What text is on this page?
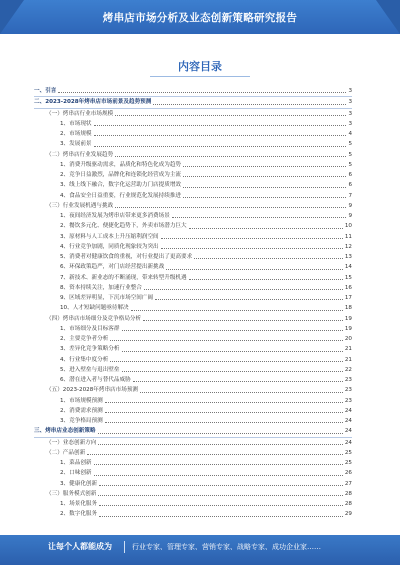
烤串店市场分析及业态创新策略研究报告
内容目录
一、引言	3
二、2023-2028年烤串店市场前景及趋势预测	3
（一）烤串店行业市场规模	3
1、市场现状	3
2、市场规模	4
3、发展前景	5
（二）烤串店行业发展趋势	5
1、消费升级驱动需求，品质化和特色化成为趋势	5
2、竞争日益激烈，品牌化和连锁化经营成为主流	6
3、线上线下融合，数字化运营助力门店提质增效	6
4、食品安全日益重要，行业规范化发展持续推进	7
（三）行业发展机遇与挑战	9
1、夜间经济发展为烤串店带来更多消费场景	9
2、餐饮多元化、便捷化趋势下，外卖市场潜力巨大	10
3、原材料与人工成本上升压缩利润空间	11
4、行业竞争加剧，同质化现象较为突出	12
5、消费者对健康饮食的重视，对行业提出了更高要求	13
6、环保政策趋严，对门店经营提出新挑战	14
7、新技术、新业态的不断涌现，带来转型升级机遇	15
8、资本持续关注，加速行业整合	16
9、区域差异明显，下沉市场空间广阔	17
10、人才短缺问题亟待解决	18
（四）烤串店市场细分及竞争格局分析	19
1、市场细分及目标客群	19
2、主要竞争者分析	20
3、差异化竞争策略分析	21
4、行业集中度分析	21
5、进入壁垒与退出壁垒	22
6、潜在进入者与替代品威胁	23
（五）2023-2028年烤串店市场预测	23
1、市场规模预测	23
2、消费需求预测	24
3、竞争格局预测	24
三、烤串店业态创新策略	24
（一）业态创新方向	24
（二）产品创新	25
1、菜品创新	25
2、口味创新	26
3、健康化创新	27
（三）服务模式创新	28
1、场景化服务	28
2、数字化服务	29
让每个人都能成为	行业专家、管理专家、营销专家、战略专家、成功企业家……
